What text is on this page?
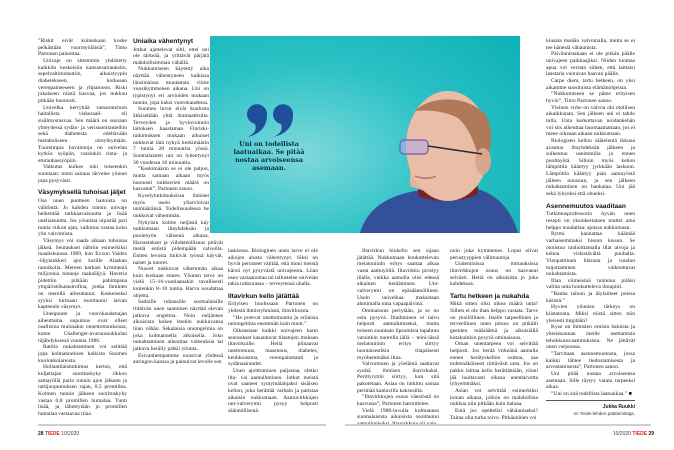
”Riskit eivät kuitenkaan koske pelkästään vuorotyöläisiä”, Timo Partonen painottaa.

Univaje on sittemmin yhdistetty kaikkiin keskeisiin kansansairauksiin, sepelvaltimotautiin, aikuistyypin diabetekseen, korkeaan verenpaineeseen ja ylipainoon. Riski jokaiseen niistä kasvaa, jos nukkuu pitkään huonosti.

Univelka kerryttää vatsaonteloon haitallista viskeraali- eli sisälmysrasvaa. Sen määrä on suoraan yhteydessä sydän- ja verisuonitauteihin sekä diabetesta edeltävään metaboliseen oireyhtymään. Tuoreimpia havaintoja on univelan kytkös syöpiin, varsinkin rinta- ja eturauhassyöpiin.

Vaikutus kulkee toki toiseenkin suuntaan: moni sairaus tärvelee yöunet jopa pysyvästi.

Väsymyksellä tuhoisat jäljet

Osa unen puutteen haitoista on välitöntä. Jo kahden tunnin univaje heikentää tarkkaavaisuutta ja lisää uneliaisuutta. Jos yöunista nipistää pari tuntia viikon ajan, vaikutus vastaa koko yön valvomista.

Väsymys voi saada aikaan tuhoisaa jälkeä. Seuraukset nähtiin esimerkiksi maaliskuussa 1989, kun Exxon Valdez -öljytankkeri ajoi karille Alaskan rannikolla. Mereen karkasi kymmeniä miljoonia tonneja raakaöljyä. Haveria pidettiin pitkään pahimpana ympäristökatastrofina, jonka ihminen on merellä aiheuttanut. Keskeiseksi syyksi turmaan osoittautui laivan kapteenin väsymys.

Unenpuute ja vuorokaudenajan aiheuttama uupumus ovat olleet osallisina muissakin onnettomuuksissa, kuten Challenger-avaruussukkulan räjähdyksessä vuonna 1986.

Rattiin nukahtaminen voi selittää jopa kolmanneksen kaikista Suomen kuolonkolareista.

Hollantilaistutkimus kertoo, että kuljettajan suorituskyky rikkoo samayöllä parin tunnin ajon jälkeen ja rattijuopumuksen rajan, 0,5 promillea. Kolmen tunnin jälkeen suorituskyky vastaa 0,8 promillen humalaa. Tunti lisää, ja lähestytään jo promillen humalaa vastaavaa tilaa.

Uniaika vähentynyt

Jotkut ajattelevat silti, ettei uni ole tärkeää, ja yrittävät pärjätä mahdollisimman vähällä.

Nukkumiseen käytetty aika näyttää vähentyneen kaikissa länsimaissa muutaman viime vuosikymmenen aikana. Uni on typistynyt eri arvioiden mukaan tunnin, jopa kaksi vuorokaudessa.

Suomen luvut eivät kuulosta äkkiseltään yhtä dramaattisilta. Terveyden ja hyvinvoinnin laitoksen haastaman Finriski-tutkimuksen mukaan aikuiset nukkuvat tätä nykyä keskimäärin 7 tuntia 28 minuuttia yössä. Suomalaisten uni on lyhentynyt 30 vuodessa 18 minuuttia.

”Keskimäärin se ei ole paljon, mutta samaan aikaan myös huonosti nukkuvien määrä on kasvanut”, Partonen sanoo.

Kyselytutkimuksissa ihmiset myös usein yliarvioivat unimääränsä. Todellisuudessa he nukkuvat vähemmän.

Nykyisin kolme neljästä käy nukkumaan iltayhdeksän ja puolenyön välisenä aikana. Harrastukset ja viihdeteollisuus pitävät meitä entistä pidempään valveilla. Eniten levosta tinkivät työssä käyvät, naiset ja nuoret.

Nuoret nukkuvat vähemmän aikaa kuin koskaan ennen. Yöunen tarve on vielä 15–16-vuotiaanakin tavallisesti kuitenkin 8–10 tuntia. Harva noudattaa ohjetta.

Sadoille tuhansille suomalaisille riittävän unen saaminen näyttää olevan jatkuva ongelma. Noin neljännes aikuisista kokee itsekin nukkuvansa liian vähän. Sekalaisia uniongelmia on joka kolmannella aikuisella. Joko nukahtaminen aiheuttaa vaikeuksia tai jatkuva heräily pätkii yöunta.

Esivanhempamme nousivat yhdessä auringon kanssa ja painuivat levolle sen

Uni on todellista laatuaikaa. Se pitää nostaa arvoiseensa asemaan.

laskiessa. Biologinen unen tarve ei ole aikojen alusta vähentynyt. Siksi on hyvät perusteet väittää, että moni meistä kärsii nyt pysyvästä univajeesta. Liian usea vastaanottaa tai tallustelee univelan takia tokkurassa – terveytensä uhalla.

Iltavirkun kello jätättää

Erityisen huolissaan Partonen on yhdestä ihmisryhmästä, iltavirkuista.

”He potevat unettomuutta ja erilaisia uniongelmia enemmän kuin muut.”

Oikeastaan kaikki univajeen karut seuraukset kasautuvat tilastojen mukaan iltavirkuille. Heitä piinaavat unettomuus, masennus, diabetes, keuhkoastma, verenpainetauti ja sydänsairaudet.

Unen ajoittuminen paljastaa, oletko ilta- vai aamuihminen. Jotkut meistä ovat saaneet syntymälahjaksi sisäisen kellon, joka herättää varhain ja patistaa aikaisin nukkumaan. Aamuvirkkujen uni-valverytmi pysyy helposti säännöllisenä.

Iltavirkun biokello sen sijaan jätättää. Nukkumaan houkuttelevan melatoniinin eritys saattaa alkaa vasta aamuyöllä. Iltavirkku piristyy illalla, vaikka aamulla olisi edessä aikainen herääminen. Uni-valverytmi on epäsäännöllinen. Usein univelkaa maksetaan ahmimalla unta vapaapäivinä.

Ominaisuus periytään, ja se on osin pysyvä. Iltaihminen ei taivu helposti aamuihmiseksi, mutta toiseen suuntaan lipsumista tapahtuu varsinkin nuorella iällä – teini-iässä melatoniinin eritys siirtyy luontaisestikin tilapäisesti myöhemmäksi iltaa.

Valvominen ja yöelämä saattavat sysätä ihmisen iltavirkuksi. Perittyrytmi siirtyy, kun sitä pakotetaan. Asiaa on tutkittu samaa perimää kantavilla kaksosilla.

”Iltavirkkujen osuus väestöstä on kasvussa”, Partonen harmittelee.

Vielä 1980-luvulla kolmannes suomalaisista aikuisista osoittautui

noin joka kymmenes. Loput olivat perustyyppien välimuotoja.

Uudemmissa mittauksissa iltavirkkujen osuus on kasvanut selvästi. Heitä on aikuisista jo joka kahdeksas.

Tartu hetkeen ja nukahda

Mikä sitten olisi oikea määrä unta? Siihen ei ole ihan helppo vastata. Tarve on yksilöllinen. Itselle tarpeellinen ja terveellinen unen pituus on pitkälti geenien määräämä ja aikuisiällä kutakuinkin pysyvä ominaisuus.

Oman unentarpeen voi selvittää helposti. Jos herää virkeänä aamulla ennen herätyskellon soittoa, saa todennäköisesti riittävästi unta. Jos on pakko laittaa kello herättämään, yöuni jää luultavasti oikeaa unentarvetta lyhyemmäksi.

Asian voi selvittää esimerkiksi loman aikana, jolloin on mahdollista nukkua niin pitkään kuin haluaa.

Entä jos opettelisi vähäuniseksi? Taitaa olla turha toivo. Pitkäuninen voi

kiusata itseään valvomalla, mutta se ei tee hänestä vähäunista.

Päiväunistakaan ei ole pitkän päälle univajeen paikkaajiksi. Niiden tuomaa apua voi verrata siihen, että laittaisi laastaria vuotavan haavan päälle.

Carpe diem, tartu hetkeen, on yksi aikamme suosituista elämänohjeista.

”Nukkumiseen se pätee erityisen hyvin”, Timo Partonen sanoo.

Yleinen virhe on valvoa ohi otollisen aikaikkunan. Sen jälkeen uni ei tahdo tulla. Unta karkottavan noidankehän voi siis aiheuttaa huomaamattaan, jos ei mene oikeaan aikaan nukkumaan.

Biologisen kellon säätelemä ikkuna avautuu iltayhdeksän jälkeen ja sulkeutuu useimmilla jo ennen puoltayötä. Silloin myös kehon lämpötila kääntyy jyrkkään laskuun. Lämpötila kääntyy pian aamuyöstä jälleen nousuun, ja sen jälkeen nukahtaminen on hankalaa. Uni jää sekä lyhyeksi että ohueksi.

Asennemuutos vaaditaan

Tutkimusprofessorin hyvän unen resepti on yksinkertainen muttei aina helppo noudattaa: ajoissa nukkumaan.

Rytmi kannattaa kääntää varhaisemmaksi hissun kissun. Se onnistuu rauhoittamalla illat aivoja ja kehoa virkistävältä puuhalta. Ylenpalttinen liikunta ja ruudun tuijottaminen vaikeuttavat nukahtamista.

Illan viimeisinä tunteina pitäisi vallita unta houkutteleva ilmapiiri.

”Rauha taloon ja älylaitteet poissa käsistä.”

Hyvien yöunien tärkeys on kiistatonta. Miksi niistä sitten niin yleisesti tingitään?

Kyse on ihmisten omista haluista ja yhteiskunnan meille asettamista tehokkuusvaatimuksista. Ne jättävät unen varjoonsa.

”Tarvitaan asennemuutosta, jossa kaikki lähtee tiedostamisesta ja arvostamisesta”, Partonen sanoo.

Uni pitää nostaa arvoiseensa asemaan. Sille täytyy varata tarpeeksi aikaa.

”Uni on sitä todellista laatuaikaa.” ■

Jukka Ruukki
on Tiede-lehden päätoimittaja.
28 TIEDE 10/2020	10/2020 TIEDE 29
